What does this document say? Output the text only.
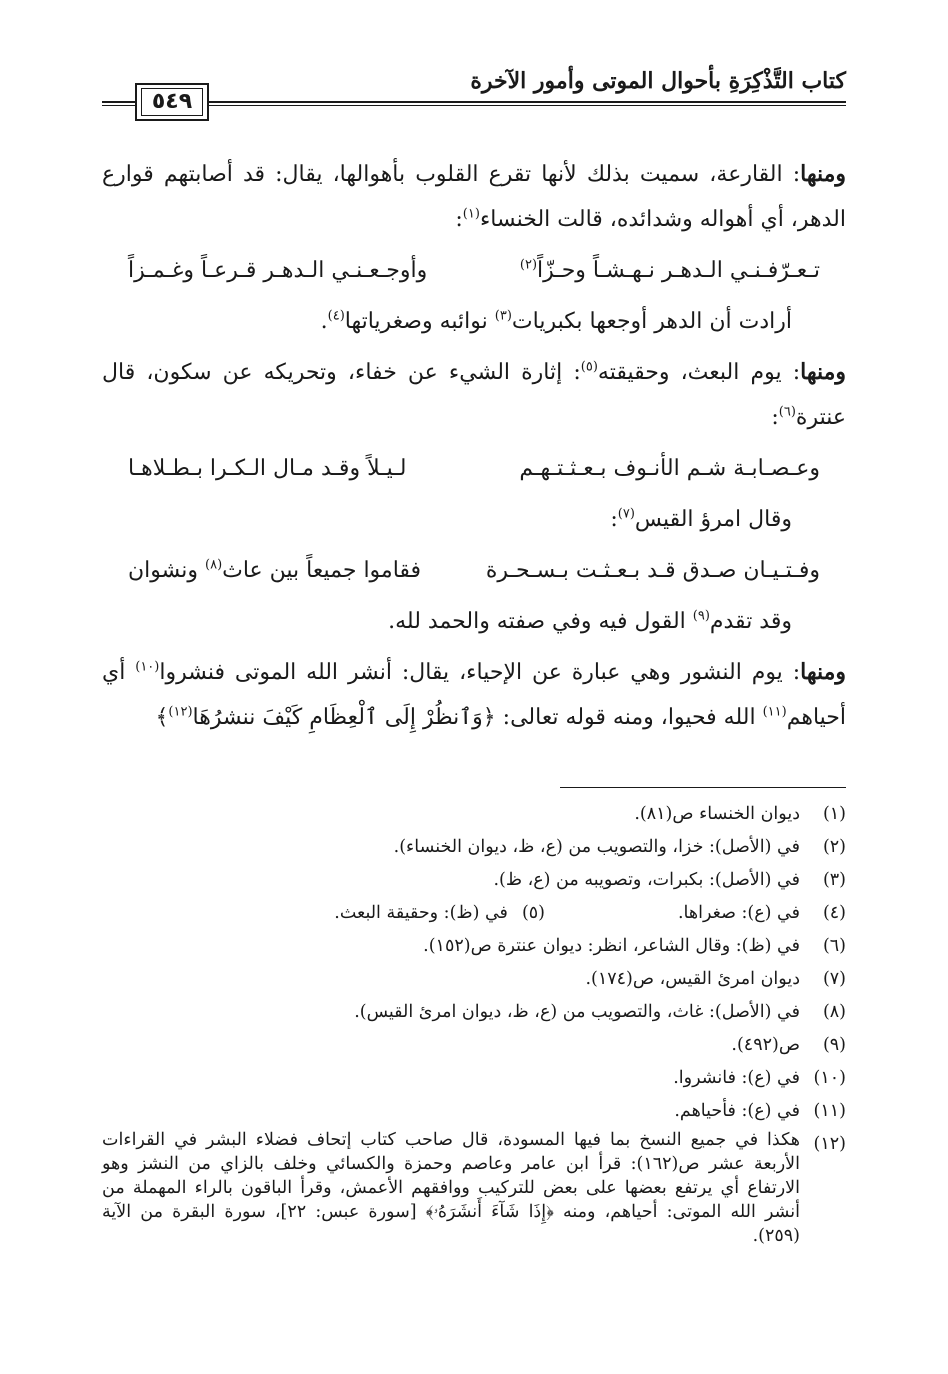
كتاب التَّذْكِرَةِ بأحوال الموتى وأمور الآخرة
٥٤٩

ومنها: القارعة، سميت بذلك لأنها تقرع القلوب بأهوالها، يقال: قد أصابتهم قوارع الدهر، أي أهواله وشدائده، قالت الخنساء$^{(١)}$:

تـعـرّفـنـي الـدهـر نـهـشـاً وحـزّاً$^{(٢)}$
وأوجـعـنـي الـدهـر قـرعـاً وغـمـزاً

أرادت أن الدهر أوجعها بكبريات$^{(٣)}$ نوائبه وصغرياتها$^{(٤)}$.

ومنها: يوم البعث، وحقيقته$^{(٥)}$: إثارة الشيء عن خفاء، وتحريكه عن سكون، قال عنترة$^{(٦)}$:

وعـصـابـة شـم الأنـوف بـعـثـتـهـم
لـيـلاً وقـد مـال الـكـرا بـطـلاهـا

وقال امرؤ القيس$^{(٧)}$:

وفـتـيـان صـدق قـد بـعـثـت بـسـحـرة
فقاموا جميعاً بين عاث$^{(٨)}$ ونشوان

وقد تقدم$^{(٩)}$ القول فيه وفي صفته والحمد لله.

ومنها: يوم النشور وهي عبارة عن الإحياء، يقال: أنشر الله الموتى فنشروا$^{(١٠)}$ أي أحياهم$^{(١١)}$ الله فحيوا، ومنه قوله تعالى: ﴿وَٱنظُرْ إِلَى ٱلْعِظَامِ كَيْفَ ننشرُهَا$^{(١٢)}$﴾

(١)
ديوان الخنساء ص(٨١).
(٢)
في (الأصل): خزا، والتصويب من (ع، ظ، ديوان الخنساء).
(٣)
في (الأصل): بكبرات، وتصويبه من (ع، ظ).
(٤)
في (ع): صغراها.
(٥)في (ظ): وحقيقة البعث.
(٦)
في (ظ): وقال الشاعر، انظر: ديوان عنترة ص(١٥٢).
(٧)
ديوان امرئ القيس، ص(١٧٤).
(٨)
في (الأصل): غاث، والتصويب من (ع، ظ، ديوان امرئ القيس).
(٩)
ص(٤٩٢).
(١٠)
في (ع): فانشروا.
(١١)
في (ع): فأحياهم.
(١٢)
هكذا في جميع النسخ بما فيها المسودة، قال صاحب كتاب إتحاف فضلاء البشر في القراءات الأربعة عشر ص(١٦٢): قرأ ابن عامر وعاصم وحمزة والكسائي وخلف بالزاي من النشز وهو الارتفاع أي يرتفع بعضها على بعض للتركيب ووافقهم الأعمش، وقرأ الباقون بالراء المهملة من أنشر الله الموتى: أحياهم، ومنه ﴿إِذَا شَآءَ أَنشَرَهُۥ﴾ [سورة عبس: ٢٢]، سورة البقرة من الآية (٢٥٩).
